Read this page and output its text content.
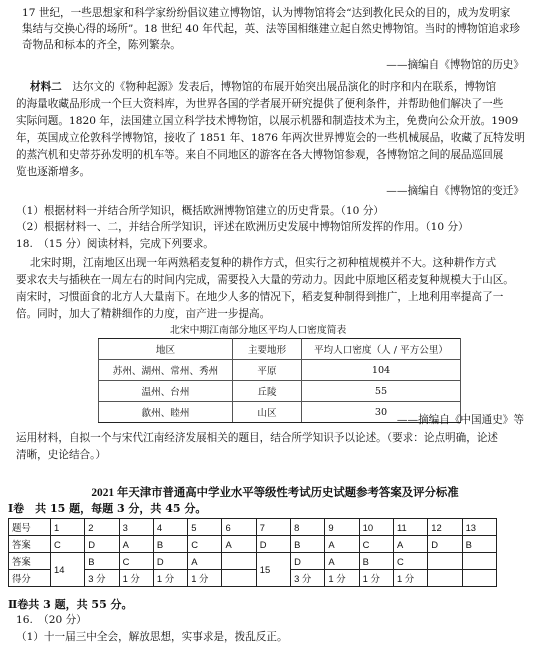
17 世纪，一些思想家和科学家纷纷倡议建立博物馆，认为博物馆将会“达到教化民众的目的，成为发明家
集结与交换心得的场所”。18 世纪 40 年代起，英、法等国相继建立起自然史博物馆。当时的博物馆追求珍
奇物品和标本的齐全，陈列繁杂。
——摘编自《博物馆的历史》
材料二　 达尔文的《物种起源》发表后，博物馆的布展开始突出展品演化的时序和内在联系，博物馆
的海量收藏品形成一个巨大资料库，为世界各国的学者展开研究提供了便利条件，并帮助他们解决了一些
实际问题。1820 年，法国建立国立科学技术博物馆，以展示机器和制造技术为主，免费向公众开放。1909
年，英国成立伦敦科学博物馆，接收了 1851 年、1876 年两次世界博览会的一些机械展品，收藏了瓦特发明
的蒸汽机和史蒂芬孙发明的机车等。来自不同地区的游客在各大博物馆参观，各博物馆之间的展品巡回展
览也逐渐增多。
——摘编自《博物馆的变迁》
（1）根据材料一并结合所学知识，概括欧洲博物馆建立的历史背景。（10 分）
（2）根据材料一、二，并结合所学知识，评述在欧洲历史发展中博物馆所发挥的作用。（10 分）
18.　（15 分）阅读材料，完成下列要求。
北宋时期，江南地区出现一年两熟稻麦复种的耕作方式，但实行之初种植规模并不大。这种耕作方式
要求农夫与插秧在一周左右的时间内完成，需要投入大量的劳动力。因此中原地区稻麦复种规模大于山区。
南宋时，习惯面食的北方人大量南下。在地少人多的情况下，稻麦复种制得到推广，上地利用率提高了一
倍。同时，加大了精耕细作的力度，亩产进一步提高。
北宋中期江南部分地区平均人口密度简表
地区	主要地形	平均人口密度（人 / 平方公里）
苏州、湖州、常州、秀州	平原	104
温州、台州	丘陵	55
歙州、睦州	山区	30
——摘编自《中国通史》等
运用材料，自拟一个与宋代江南经济发展相关的题目，结合所学知识予以论述。（要求：论点明确，论述
清晰，史论结合。）
2021 年天津市普通高中学业水平等级性考试历史试题参考答案及评分标准
Ⅰ卷　共 15 题，每题 3 分，共 45 分。
题号	1	2	3	4	5	6	7	8	9	10	11	12	13
答案	C	D	A	B	C	A	D	B	A	C	A	D	B
答案	14	B	C	D	A		15	D	A	B	C		
得分		3 分	1 分	1 分	1 分			3 分	1 分	1 分	1 分		
Ⅱ卷共 3 题，共 55 分。
16.　（20 分）
（1）十一届三中全会，解放思想，实事求是，拨乱反正。
